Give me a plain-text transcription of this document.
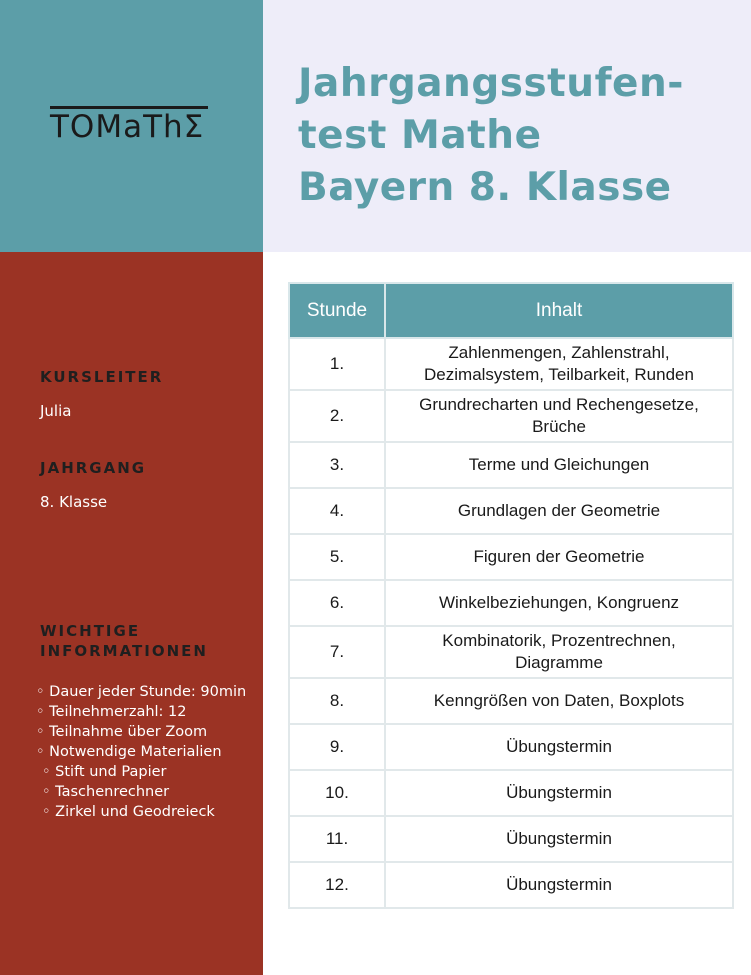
TOMaThΣ
Jahrgangsstufen-
test Mathe
Bayern 8. Klasse
KURSLEITER
Julia
JAHRGANG
8. Klasse
WICHTIGE
INFORMATIONEN
◦ Dauer jeder Stunde: 90min
◦ Teilnehmerzahl: 12
◦ Teilnahme über Zoom
◦ Notwendige Materialien
◦ Stift und Papier
◦ Taschenrechner
◦ Zirkel und Geodreieck
Stunde	Inhalt
1.	Zahlenmengen, Zahlenstrahl,
Dezimalsystem, Teilbarkeit, Runden
2.	Grundrecharten und Rechengesetze,
Brüche
3.	Terme und Gleichungen
4.	Grundlagen der Geometrie
5.	Figuren der Geometrie
6.	Winkelbeziehungen, Kongruenz
7.	Kombinatorik, Prozentrechnen,
Diagramme
8.	Kenngrößen von Daten, Boxplots
9.	Übungstermin
10.	Übungstermin
11.	Übungstermin
12.	Übungstermin
